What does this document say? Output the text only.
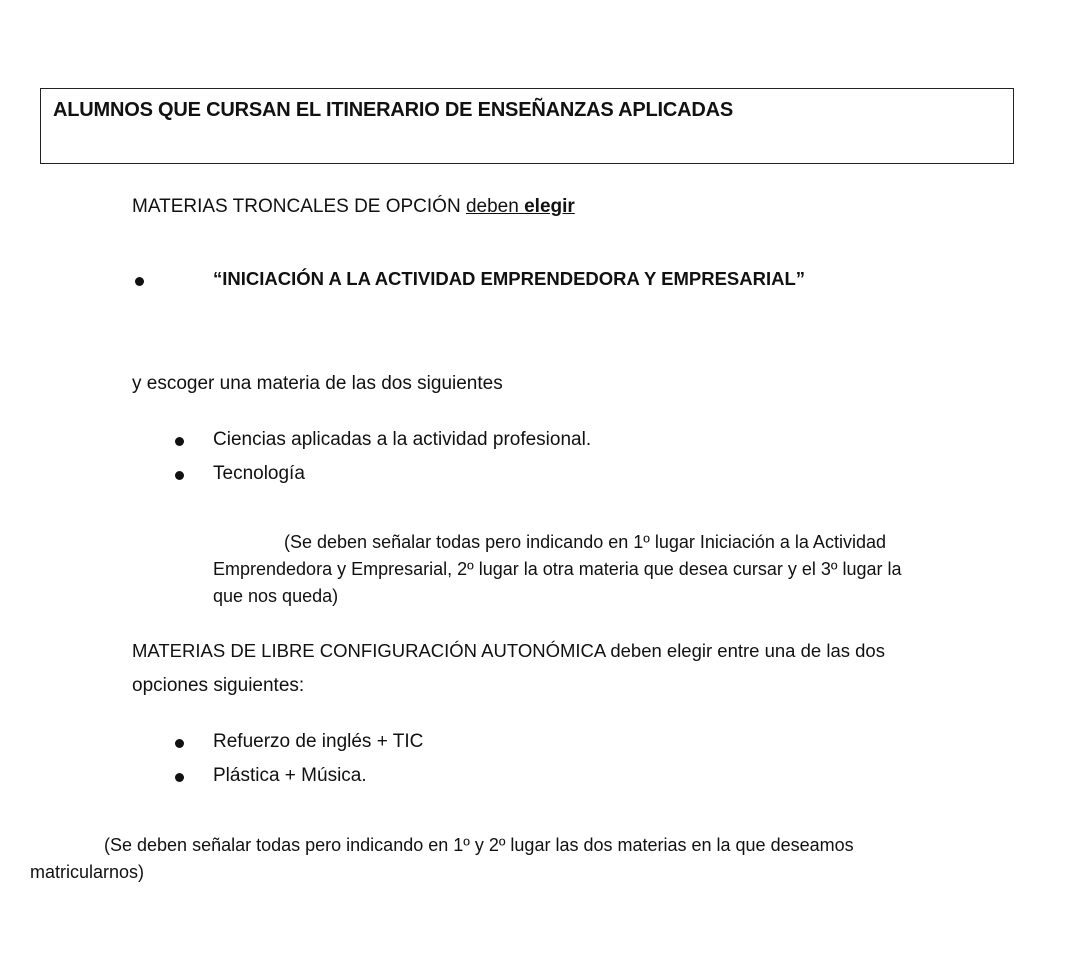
ALUMNOS QUE CURSAN EL ITINERARIO DE ENSEÑANZAS APLICADAS
MATERIAS TRONCALES DE OPCIÓN deben elegir
“INICIACIÓN A LA ACTIVIDAD EMPRENDEDORA Y EMPRESARIAL”
y escoger una materia de las dos siguientes
Ciencias aplicadas a la actividad profesional.
Tecnología
(Se deben señalar todas pero indicando en 1º lugar Iniciación a la Actividad
Emprendedora y Empresarial, 2º lugar la otra materia que desea cursar y el 3º lugar la
que nos queda)
MATERIAS DE LIBRE CONFIGURACIÓN AUTONÓMICA deben elegir entre una de las dos
opciones siguientes:
Refuerzo de inglés + TIC
Plástica + Música.
(Se deben señalar todas pero indicando en 1º y 2º lugar las dos materias en la que deseamos
matricularnos)
